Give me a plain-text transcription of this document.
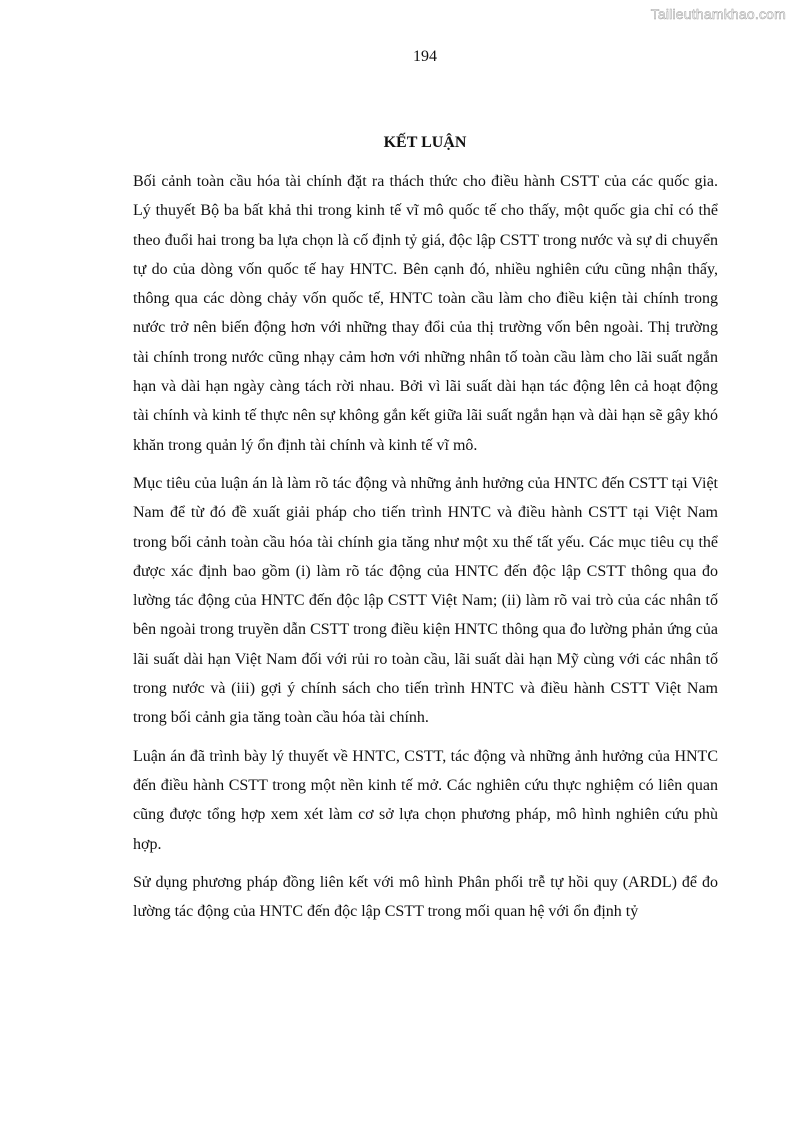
Tailieuthamkhao.com
194
KẾT LUẬN

Bối cảnh toàn cầu hóa tài chính đặt ra thách thức cho điều hành CSTT của các quốc gia. Lý thuyết Bộ ba bất khả thi trong kinh tế vĩ mô quốc tế cho thấy, một quốc gia chỉ có thể theo đuổi hai trong ba lựa chọn là cố định tỷ giá, độc lập CSTT trong nước và sự di chuyển tự do của dòng vốn quốc tế hay HNTC. Bên cạnh đó, nhiều nghiên cứu cũng nhận thấy, thông qua các dòng chảy vốn quốc tế, HNTC toàn cầu làm cho điều kiện tài chính trong nước trở nên biến động hơn với những thay đổi của thị trường vốn bên ngoài. Thị trường tài chính trong nước cũng nhạy cảm hơn với những nhân tố toàn cầu làm cho lãi suất ngắn hạn và dài hạn ngày càng tách rời nhau. Bởi vì lãi suất dài hạn tác động lên cả hoạt động tài chính và kinh tế thực nên sự không gắn kết giữa lãi suất ngắn hạn và dài hạn sẽ gây khó khăn trong quản lý ổn định tài chính và kinh tế vĩ mô.

Mục tiêu của luận án là làm rõ tác động và những ảnh hưởng của HNTC đến CSTT tại Việt Nam để từ đó đề xuất giải pháp cho tiến trình HNTC và điều hành CSTT tại Việt Nam trong bối cảnh toàn cầu hóa tài chính gia tăng như một xu thế tất yếu. Các mục tiêu cụ thể được xác định bao gồm (i) làm rõ tác động của HNTC đến độc lập CSTT thông qua đo lường tác động của HNTC đến độc lập CSTT Việt Nam; (ii) làm rõ vai trò của các nhân tố bên ngoài trong truyền dẫn CSTT trong điều kiện HNTC thông qua đo lường phản ứng của lãi suất dài hạn Việt Nam đối với rủi ro toàn cầu, lãi suất dài hạn Mỹ cùng với các nhân tố trong nước và (iii) gợi ý chính sách cho tiến trình HNTC và điều hành CSTT Việt Nam trong bối cảnh gia tăng toàn cầu hóa tài chính.

Luận án đã trình bày lý thuyết về HNTC, CSTT, tác động và những ảnh hưởng của HNTC đến điều hành CSTT trong một nền kinh tế mở. Các nghiên cứu thực nghiệm có liên quan cũng được tổng hợp xem xét làm cơ sở lựa chọn phương pháp, mô hình nghiên cứu phù hợp.

Sử dụng phương pháp đồng liên kết với mô hình Phân phối trễ tự hồi quy (ARDL) để đo lường tác động của HNTC đến độc lập CSTT trong mối quan hệ với ổn định tỷ
